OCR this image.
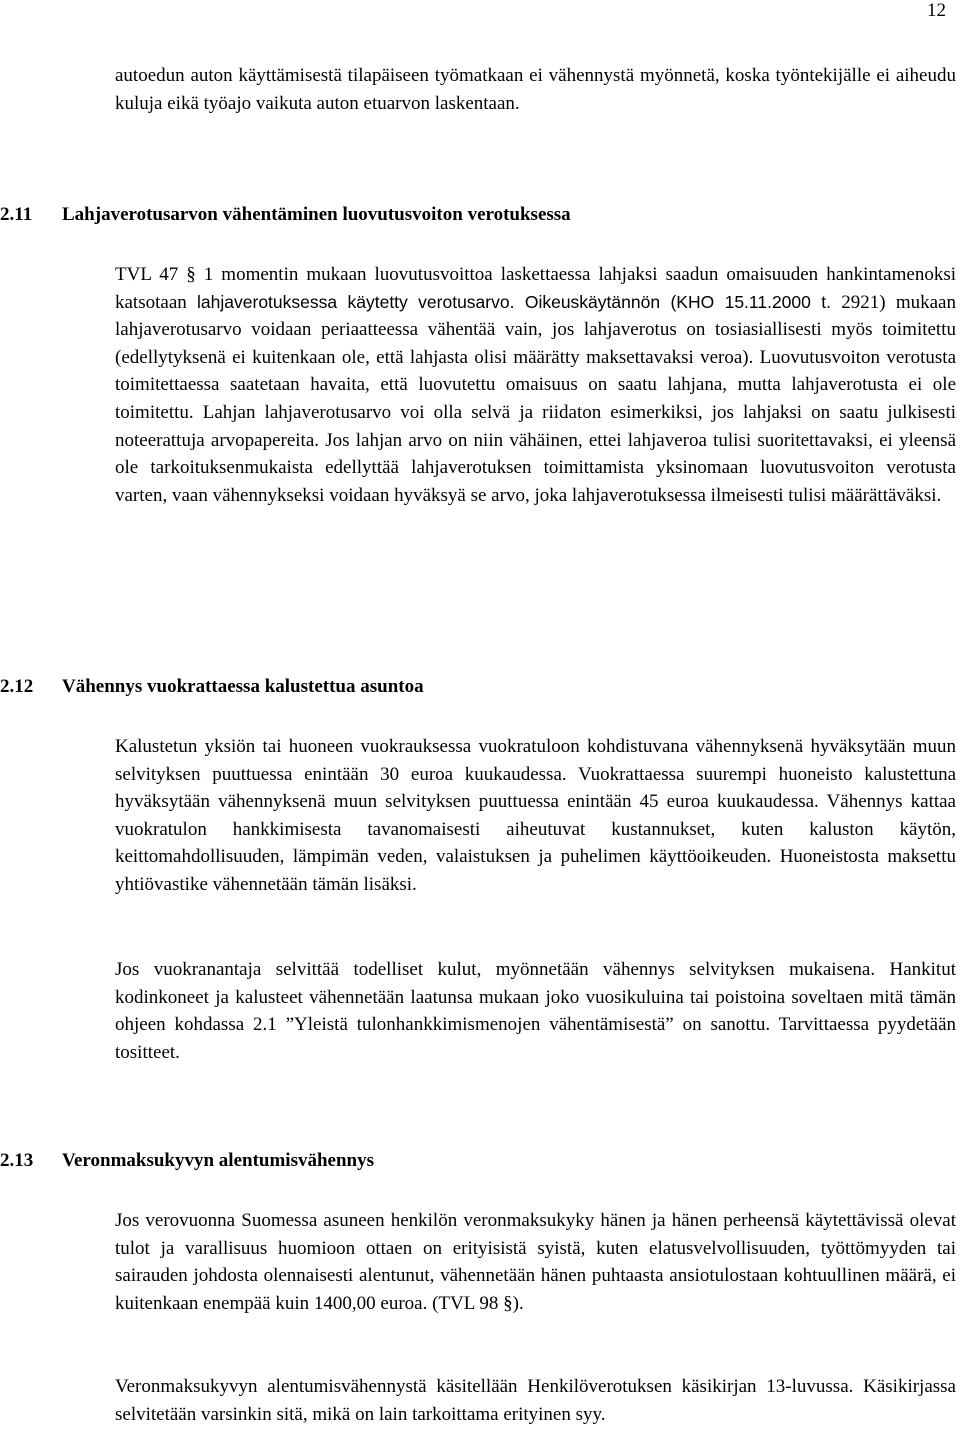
12

autoedun auton käyttämisestä tilapäiseen työmatkaan ei vähennystä myönnetä, koska työntekijälle ei aiheudu kuluja eikä työajo vaikuta auton etuarvon laskentaan.

2.11 Lahjaverotusarvon vähentäminen luovutusvoiton verotuksessa

TVL 47 § 1 momentin mukaan luovutusvoittoa laskettaessa lahjaksi saadun omaisuuden hankintamenoksi katsotaan lahjaverotuksessa käytetty verotusarvo. Oikeuskäytännön (KHO 15.11.2000 t. 2921) mukaan lahjaverotusarvo voidaan periaatteessa vähentää vain, jos lahjaverotus on tosiasiallisesti myös toimitettu (edellytyksenä ei kuitenkaan ole, että lahjasta olisi määrätty maksettavaksi veroa). Luovutusvoiton verotusta toimitettaessa saatetaan havaita, että luovutettu omaisuus on saatu lahjana, mutta lahjaverotusta ei ole toimitettu. Lahjan lahjaverotusarvo voi olla selvä ja riidaton esimerkiksi, jos lahjaksi on saatu julkisesti noteerattuja arvopapereita. Jos lahjan arvo on niin vähäinen, ettei lahjaveroa tulisi suoritettavaksi, ei yleensä ole tarkoituksenmukaista edellyttää lahjaverotuksen toimittamista yksinomaan luovutusvoiton verotusta varten, vaan vähennykseksi voidaan hyväksyä se arvo, joka lahjaverotuksessa ilmeisesti tulisi määrättäväksi.

2.12 Vähennys vuokrattaessa kalustettua asuntoa

Kalustetun yksiön tai huoneen vuokrauksessa vuokratuloon kohdistuvana vähennyksenä hyväksytään muun selvityksen puuttuessa enintään 30 euroa kuukaudessa. Vuokrattaessa suurempi huoneisto kalustettuna hyväksytään vähennyksenä muun selvityksen puuttuessa enintään 45 euroa kuukaudessa. Vähennys kattaa vuokratulon hankkimisesta tavanomaisesti aiheutuvat kustannukset, kuten kaluston käytön, keittomahdollisuuden, lämpimän veden, valaistuksen ja puhelimen käyttöoikeuden. Huoneistosta maksettu yhtiövastike vähennetään tämän lisäksi.

Jos vuokranantaja selvittää todelliset kulut, myönnetään vähennys selvityksen mukaisena. Hankitut kodinkoneet ja kalusteet vähennetään laatunsa mukaan joko vuosikuluina tai poistoina soveltaen mitä tämän ohjeen kohdassa 2.1 ”Yleistä tulonhankkimismenojen vähentämisestä” on sanottu. Tarvittaessa pyydetään tositteet.

2.13 Veronmaksukyvyn alentumisvähennys

Jos verovuonna Suomessa asuneen henkilön veronmaksukyky hänen ja hänen perheensä käytettävissä olevat tulot ja varallisuus huomioon ottaen on erityisistä syistä, kuten elatusvelvollisuuden, työttömyyden tai sairauden johdosta olennaisesti alentunut, vähennetään hänen puhtaasta ansiotulostaan kohtuullinen määrä, ei kuitenkaan enempää kuin 1400,00 euroa. (TVL 98 §).

Veronmaksukyvyn alentumisvähennystä käsitellään Henkilöverotuksen käsikirjan 13-luvussa. Käsikirjassa selvitetään varsinkin sitä, mikä on lain tarkoittama erityinen syy.
